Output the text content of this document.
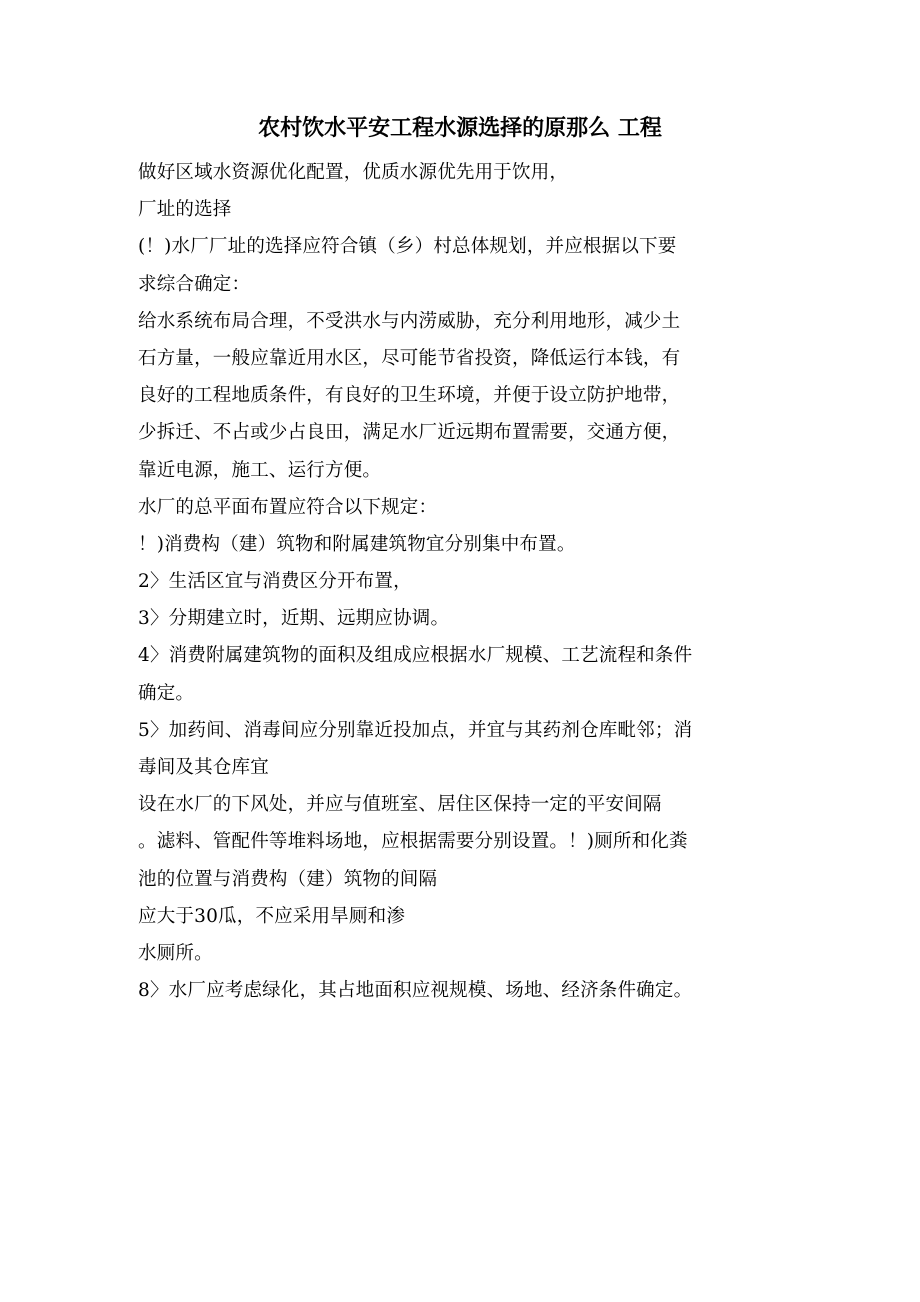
农村饮水平安工程水源选择的原那么 工程
做好区域水资源优化配置，优质水源优先用于饮用，
厂址的选择
(！)水厂厂址的选择应符合镇（乡）村总体规划，并应根据以下要
求综合确定：
给水系统布局合理，不受洪水与内涝威胁，充分利用地形，减少土
石方量，一般应靠近用水区，尽可能节省投资，降低运行本钱，有
良好的工程地质条件，有良好的卫生环境，并便于设立防护地带，
少拆迁、不占或少占良田，满足水厂近远期布置需要，交通方便，
靠近电源，施工、运行方便。
水厂的总平面布置应符合以下规定：
！)消费构（建）筑物和附属建筑物宜分别集中布置。
2〉生活区宜与消费区分开布置，
3〉分期建立时，近期、远期应协调。
4〉消费附属建筑物的面积及组成应根据水厂规模、工艺流程和条件
确定。
5〉加药间、消毒间应分别靠近投加点，并宜与其药剂仓库毗邻；消
毒间及其仓库宜
设在水厂的下风处，并应与值班室、居住区保持一定的平安间隔
。滤料、管配件等堆料场地，应根据需要分别设置。！)厕所和化粪
池的位置与消费构（建）筑物的间隔
应大于30瓜，不应采用旱厕和渗
水厕所。
8〉水厂应考虑绿化，其占地面积应视规模、场地、经济条件确定。
